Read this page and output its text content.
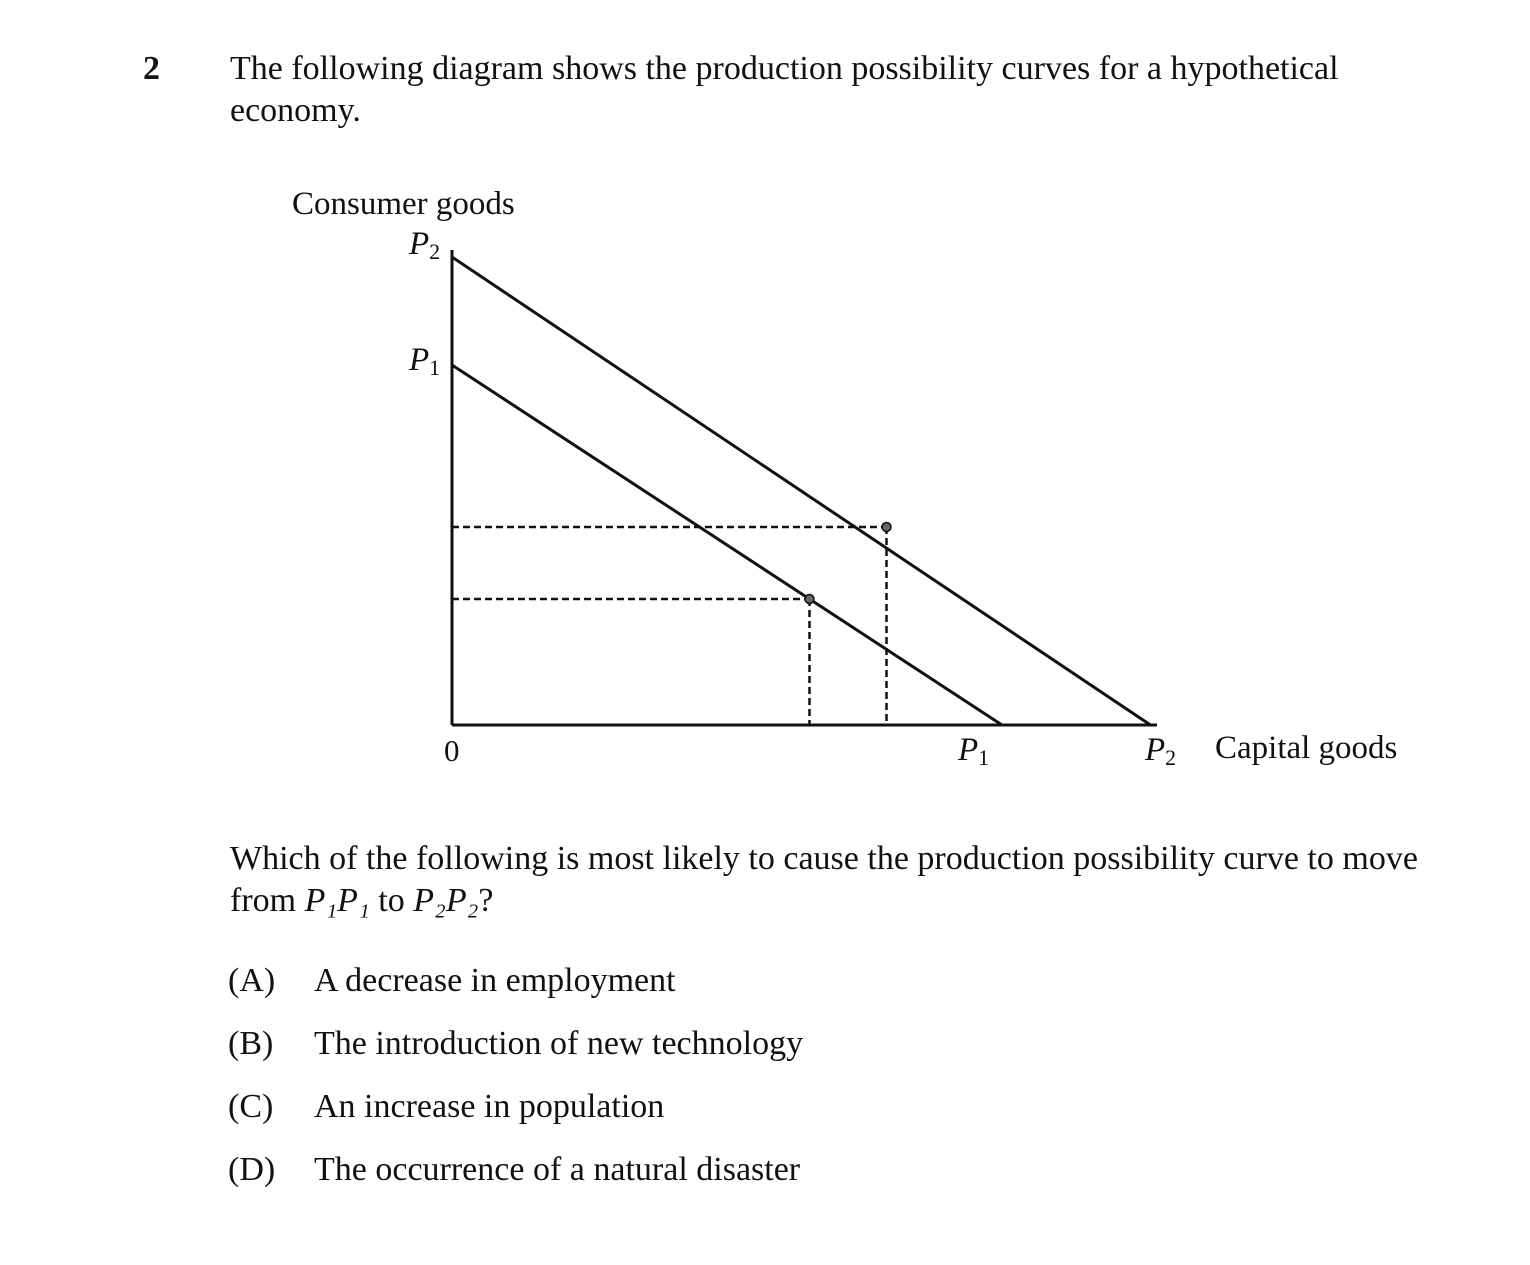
2 The following diagram shows the production possibility curves for a hypothetical economy.
Consumer goods
Capital goods
0
P2
P1
P1	P2
Which of the following is most likely to cause the production possibility curve to move from P₁P₁ to P₂P₂?
(A)	A decrease in employment
(B)	The introduction of new technology
(C)	An increase in population
(D)	The occurrence of a natural disaster
